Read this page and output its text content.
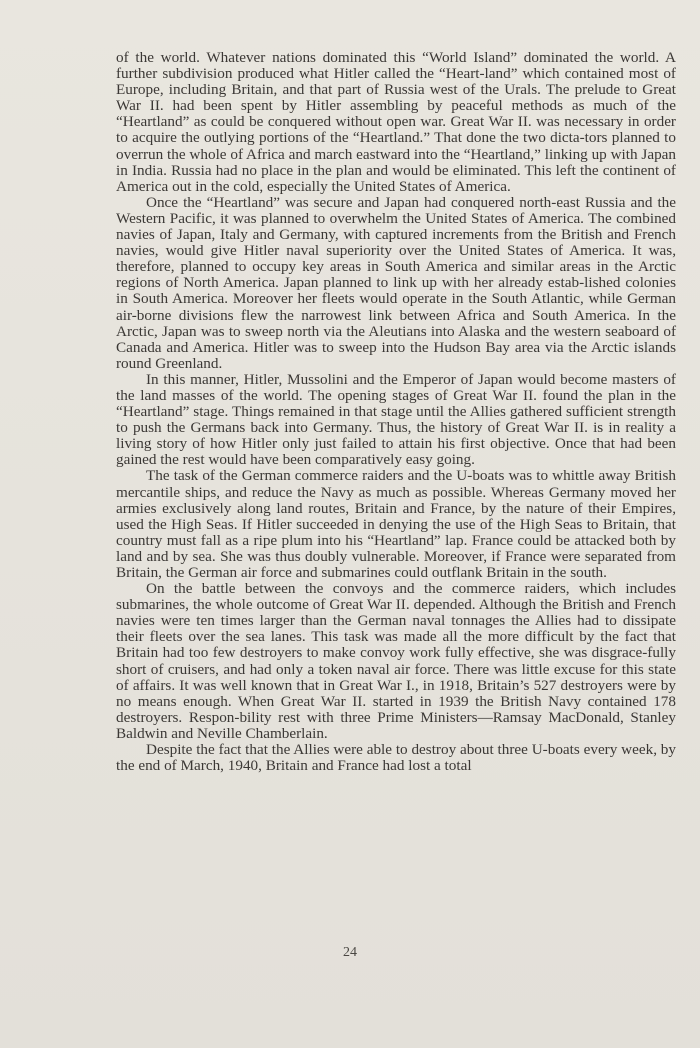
of the world. Whatever nations dominated this “World Island” dominated the world. A further subdivision produced what Hitler called the “Heart-land” which contained most of Europe, including Britain, and that part of Russia west of the Urals. The prelude to Great War II. had been spent by Hitler assembling by peaceful methods as much of the “Heartland” as could be conquered without open war. Great War II. was necessary in order to acquire the outlying portions of the “Heartland.” That done the two dicta-tors planned to overrun the whole of Africa and march eastward into the “Heartland,” linking up with Japan in India. Russia had no place in the plan and would be eliminated. This left the continent of America out in the cold, especially the United States of America.

Once the “Heartland” was secure and Japan had conquered north-east Russia and the Western Pacific, it was planned to overwhelm the United States of America. The combined navies of Japan, Italy and Germany, with captured increments from the British and French navies, would give Hitler naval superiority over the United States of America. It was, therefore, planned to occupy key areas in South America and similar areas in the Arctic regions of North America. Japan planned to link up with her already estab-lished colonies in South America. Moreover her fleets would operate in the South Atlantic, while German air-borne divisions flew the narrowest link between Africa and South America. In the Arctic, Japan was to sweep north via the Aleutians into Alaska and the western seaboard of Canada and America. Hitler was to sweep into the Hudson Bay area via the Arctic islands round Greenland.

In this manner, Hitler, Mussolini and the Emperor of Japan would become masters of the land masses of the world. The opening stages of Great War II. found the plan in the “Heartland” stage. Things remained in that stage until the Allies gathered sufficient strength to push the Germans back into Germany. Thus, the history of Great War II. is in reality a living story of how Hitler only just failed to attain his first objective. Once that had been gained the rest would have been comparatively easy going.

The task of the German commerce raiders and the U-boats was to whittle away British mercantile ships, and reduce the Navy as much as possible. Whereas Germany moved her armies exclusively along land routes, Britain and France, by the nature of their Empires, used the High Seas. If Hitler succeeded in denying the use of the High Seas to Britain, that country must fall as a ripe plum into his “Heartland” lap. France could be attacked both by land and by sea. She was thus doubly vulnerable. Moreover, if France were separated from Britain, the German air force and submarines could outflank Britain in the south.

On the battle between the convoys and the commerce raiders, which includes submarines, the whole outcome of Great War II. depended. Although the British and French navies were ten times larger than the German naval tonnages the Allies had to dissipate their fleets over the sea lanes. This task was made all the more difficult by the fact that Britain had too few destroyers to make convoy work fully effective, she was disgrace-fully short of cruisers, and had only a token naval air force. There was little excuse for this state of affairs. It was well known that in Great War I., in 1918, Britain’s 527 destroyers were by no means enough. When Great War II. started in 1939 the British Navy contained 178 destroyers. Respon-bility rest with three Prime Ministers—Ramsay MacDonald, Stanley Baldwin and Neville Chamberlain.

Despite the fact that the Allies were able to destroy about three U-boats every week, by the end of March, 1940, Britain and France had lost a total

24
